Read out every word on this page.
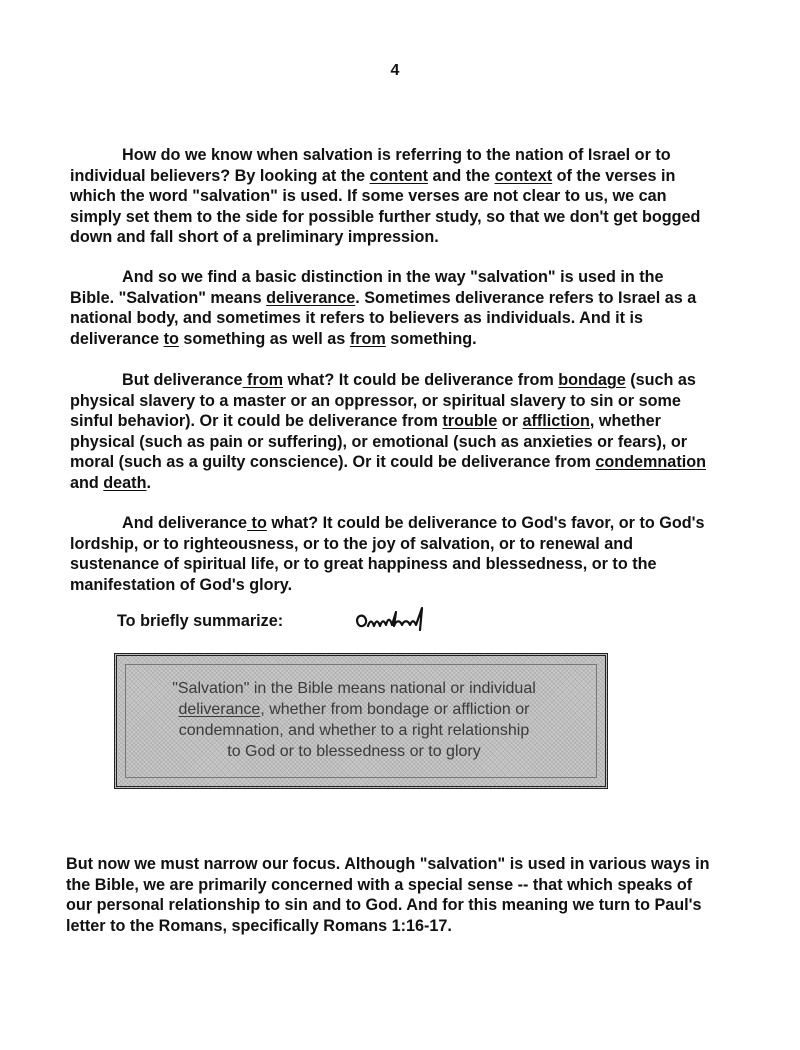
4

How do we know when salvation is referring to the nation of Israel or to individual believers? By looking at the content and the context of the verses in which the word "salvation" is used. If some verses are not clear to us, we can simply set them to the side for possible further study, so that we don't get bogged down and fall short of a preliminary impression.

And so we find a basic distinction in the way "salvation" is used in the Bible. "Salvation" means deliverance. Sometimes deliverance refers to Israel as a national body, and sometimes it refers to believers as individuals. And it is deliverance to something as well as from something.

But deliverance from what? It could be deliverance from bondage (such as physical slavery to a master or an oppressor, or spiritual slavery to sin or some sinful behavior). Or it could be deliverance from trouble or affliction, whether physical (such as pain or suffering), or emotional (such as anxieties or fears), or moral (such as a guilty conscience). Or it could be deliverance from condemnation and death.

And deliverance to what? It could be deliverance to God's favor, or to God's lordship, or to righteousness, or to the joy of salvation, or to renewal and sustenance of spiritual life, or to great happiness and blessedness, or to the manifestation of God's glory.

To briefly summarize:
"Salvation" in the Bible means national or individual
deliverance, whether from bondage or affliction or
condemnation, and whether to a right relationship
to God or to blessedness or to glory

But now we must narrow our focus. Although "salvation" is used in various ways in the Bible, we are primarily concerned with a special sense -- that which speaks of our personal relationship to sin and to God. And for this meaning we turn to Paul's letter to the Romans, specifically Romans 1:16-17.
